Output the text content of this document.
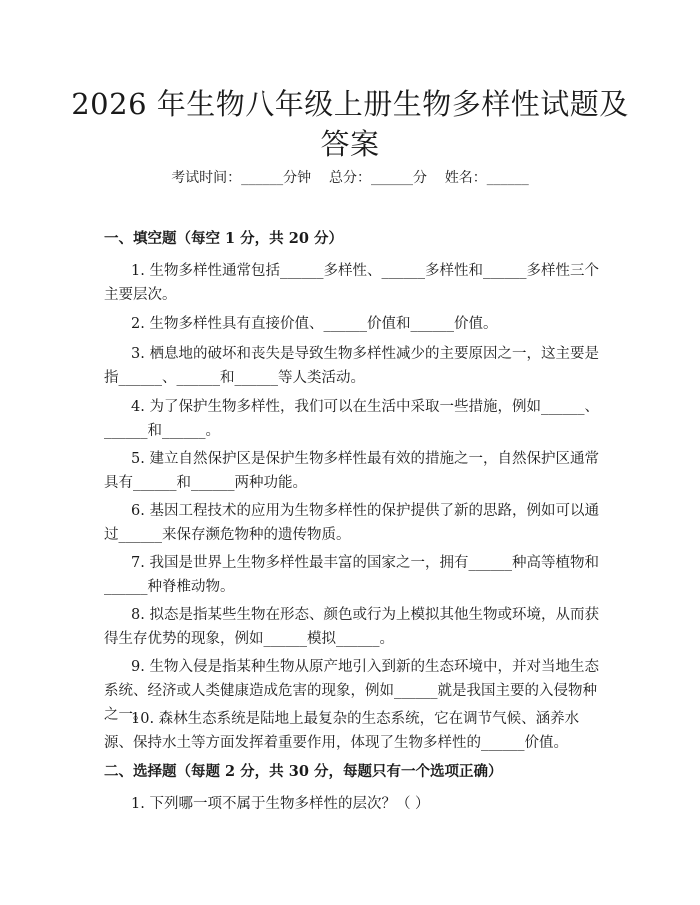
2026 年生物八年级上册生物多样性试题及答案
考试时间：______分钟    总分：______分    姓名：______
一、填空题（每空 1 分，共 20 分）
1. 生物多样性通常包括______多样性、______多样性和______多样性三个主要层次。
2. 生物多样性具有直接价值、______价值和______价值。
3. 栖息地的破坏和丧失是导致生物多样性减少的主要原因之一，这主要是指______、______和______等人类活动。
4. 为了保护生物多样性，我们可以在生活中采取一些措施，例如______、______和______。
5. 建立自然保护区是保护生物多样性最有效的措施之一，自然保护区通常具有______和______两种功能。
6. 基因工程技术的应用为生物多样性的保护提供了新的思路，例如可以通过______来保存濒危物种的遗传物质。
7. 我国是世界上生物多样性最丰富的国家之一，拥有______种高等植物和______种脊椎动物。
8. 拟态是指某些生物在形态、颜色或行为上模拟其他生物或环境，从而获得生存优势的现象，例如______模拟______。
9. 生物入侵是指某种生物从原产地引入到新的生态环境中，并对当地生态系统、经济或人类健康造成危害的现象，例如______就是我国主要的入侵物种之一。
10. 森林生态系统是陆地上最复杂的生态系统，它在调节气候、涵养水源、保持水土等方面发挥着重要作用，体现了生物多样性的______价值。
二、选择题（每题 2 分，共 30 分，每题只有一个选项正确）
1. 下列哪一项不属于生物多样性的层次？（ ）
